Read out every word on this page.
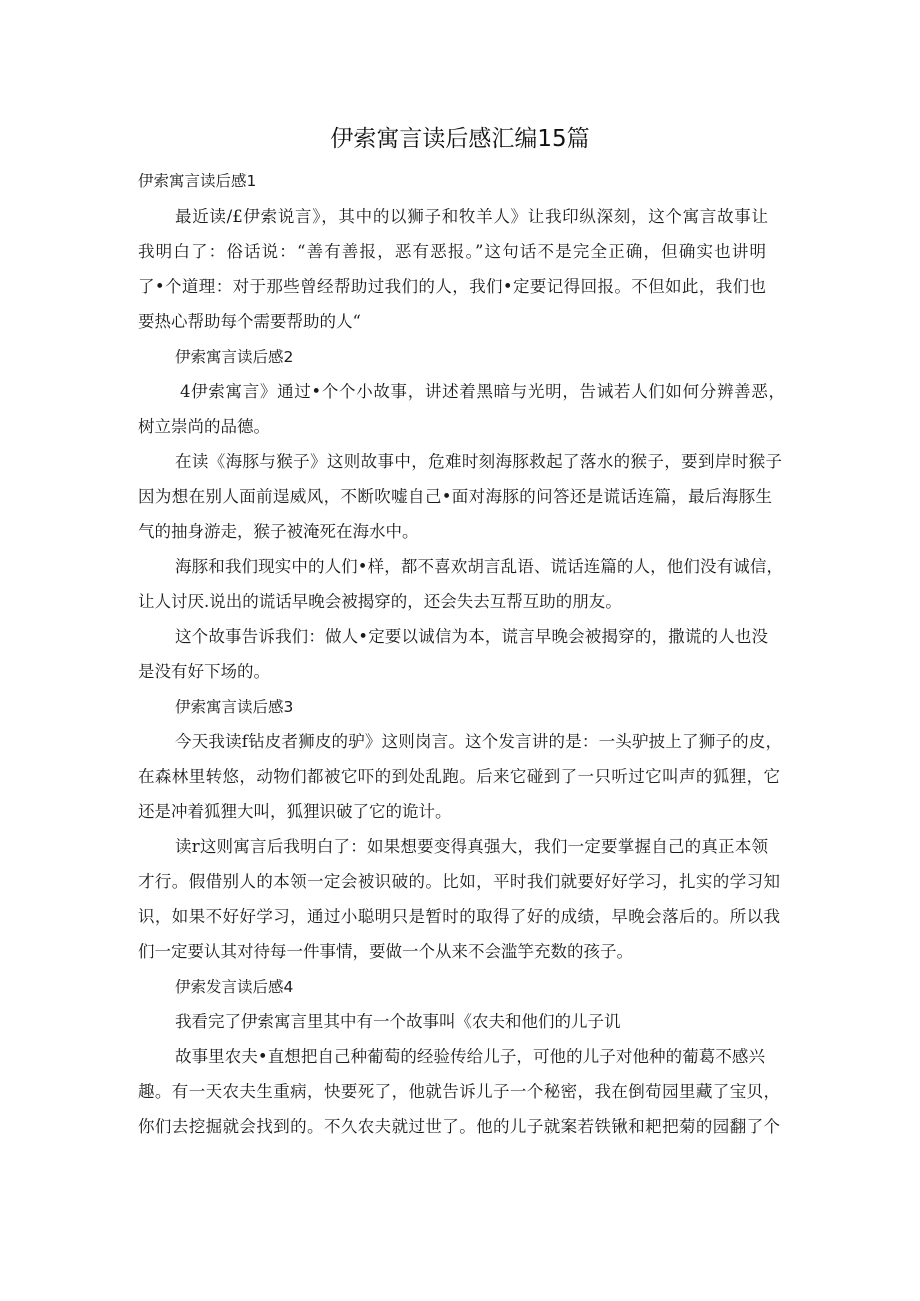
伊索寓言读后感汇编15篇
伊索寓言读后感1
最近读/£伊索说言》，其中的以狮子和牧羊人》让我印纵深刻，这个寓言故事让
我明白了：俗话说：“善有善报，恶有恶报。”这句话不是完全正确，但确实也讲明
了•个道理：对于那些曾经帮助过我们的人，我们•定要记得回报。不但如此，我们也
要热心帮助每个需要帮助的人“
伊索寓言读后感2
4伊索寓言》通过•个个小故事，讲述着黑暗与光明，告诫若人们如何分辨善恶，
树立崇尚的品德。
在读《海豚与猴子》这则故事中，危难时刻海豚救起了落水的猴子，要到岸时猴子
因为想在别人面前逞威风，不断吹嘘自己•面对海豚的问答还是谎话连篇，最后海豚生
气的抽身游走，猴子被淹死在海水中。
海豚和我们现实中的人们•样，都不喜欢胡言乱语、谎话连篇的人，他们没有诚信，
让人讨厌.说出的谎话早晚会被揭穿的，还会失去互帮互助的朋友。
这个故事告诉我们：做人•定要以诚信为本，谎言早晚会被揭穿的，撒谎的人也没
是没有好下场的。
伊索寓言读后感3
今天我读f钻皮者狮皮的驴》这则岗言。这个发言讲的是：一头驴披上了狮子的皮，
在森林里转悠，动物们都被它吓的到处乱跑。后来它碰到了一只听过它叫声的狐狸，它
还是冲着狐狸大叫，狐狸识破了它的诡计。
读r这则寓言后我明白了：如果想要变得真强大，我们一定要掌握自己的真正本领
才行。假借别人的本领一定会被识破的。比如，平时我们就要好好学习，扎实的学习知
识，如果不好好学习，通过小聪明只是暂时的取得了好的成绩，早晚会落后的。所以我
们一定要认其对待每一件事情，要做一个从来不会滥竽充数的孩子。
伊索发言读后感4
我看完了伊索寓言里其中有一个故事叫《农夫和他们的儿子讥
故事里农夫•直想把自己种葡萄的经验传给儿子，可他的儿子对他种的葡葛不感兴
趣。有一天农夫生重病，快要死了，他就告诉儿子一个秘密，我在倒荀园里藏了宝贝，
你们去挖掘就会找到的。不久农夫就过世了。他的儿子就案若铁锹和耙把菊的园翻了个
